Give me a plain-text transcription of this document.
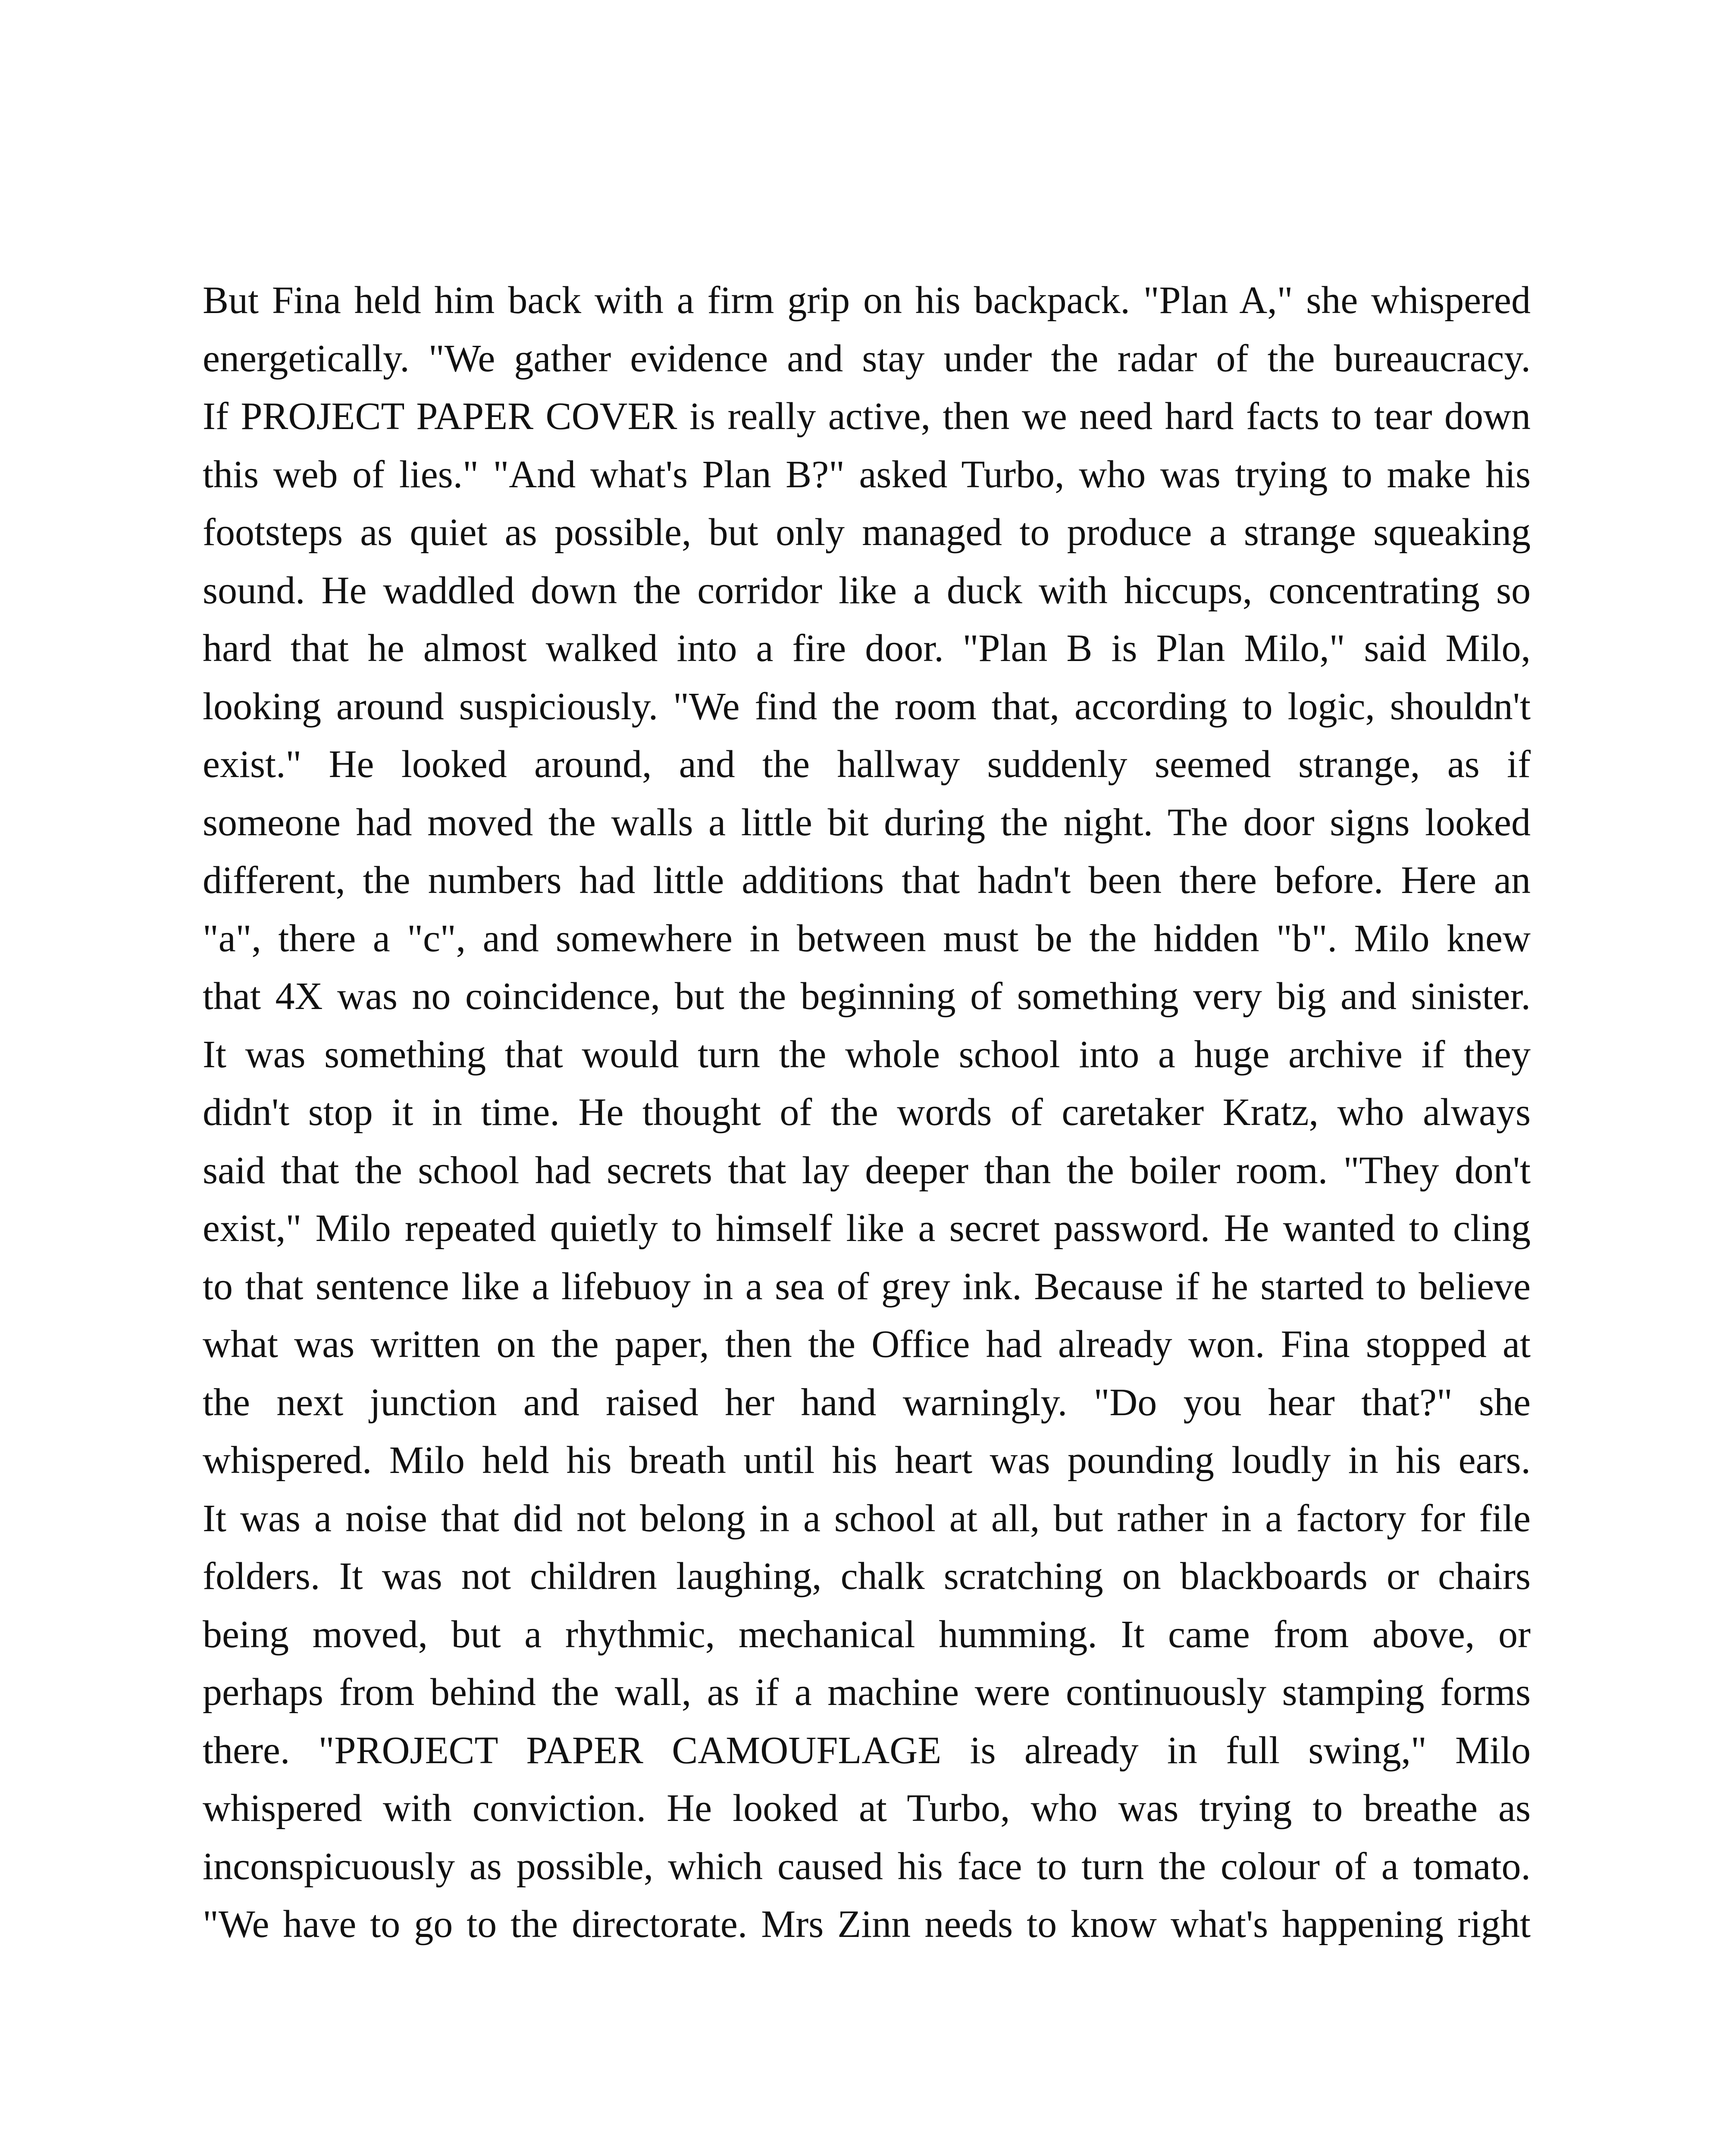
But Fina held him back with a firm grip on his backpack. "Plan A," she whispered
energetically. "We gather evidence and stay under the radar of the bureaucracy.
If PROJECT PAPER COVER is really active, then we need hard facts to tear down
this web of lies." "And what's Plan B?" asked Turbo, who was trying to make his
footsteps as quiet as possible, but only managed to produce a strange squeaking
sound. He waddled down the corridor like a duck with hiccups, concentrating so
hard that he almost walked into a fire door. "Plan B is Plan Milo," said Milo,
looking around suspiciously. "We find the room that, according to logic, shouldn't
exist." He looked around, and the hallway suddenly seemed strange, as if
someone had moved the walls a little bit during the night. The door signs looked
different, the numbers had little additions that hadn't been there before. Here an
"a", there a "c", and somewhere in between must be the hidden "b". Milo knew
that 4X was no coincidence, but the beginning of something very big and sinister.
It was something that would turn the whole school into a huge archive if they
didn't stop it in time. He thought of the words of caretaker Kratz, who always
said that the school had secrets that lay deeper than the boiler room. "They don't
exist," Milo repeated quietly to himself like a secret password. He wanted to cling
to that sentence like a lifebuoy in a sea of grey ink. Because if he started to believe
what was written on the paper, then the Office had already won. Fina stopped at
the next junction and raised her hand warningly. "Do you hear that?" she
whispered. Milo held his breath until his heart was pounding loudly in his ears.
It was a noise that did not belong in a school at all, but rather in a factory for file
folders. It was not children laughing, chalk scratching on blackboards or chairs
being moved, but a rhythmic, mechanical humming. It came from above, or
perhaps from behind the wall, as if a machine were continuously stamping forms
there. "PROJECT PAPER CAMOUFLAGE is already in full swing," Milo
whispered with conviction. He looked at Turbo, who was trying to breathe as
inconspicuously as possible, which caused his face to turn the colour of a tomato.
"We have to go to the directorate. Mrs Zinn needs to know what's happening right
